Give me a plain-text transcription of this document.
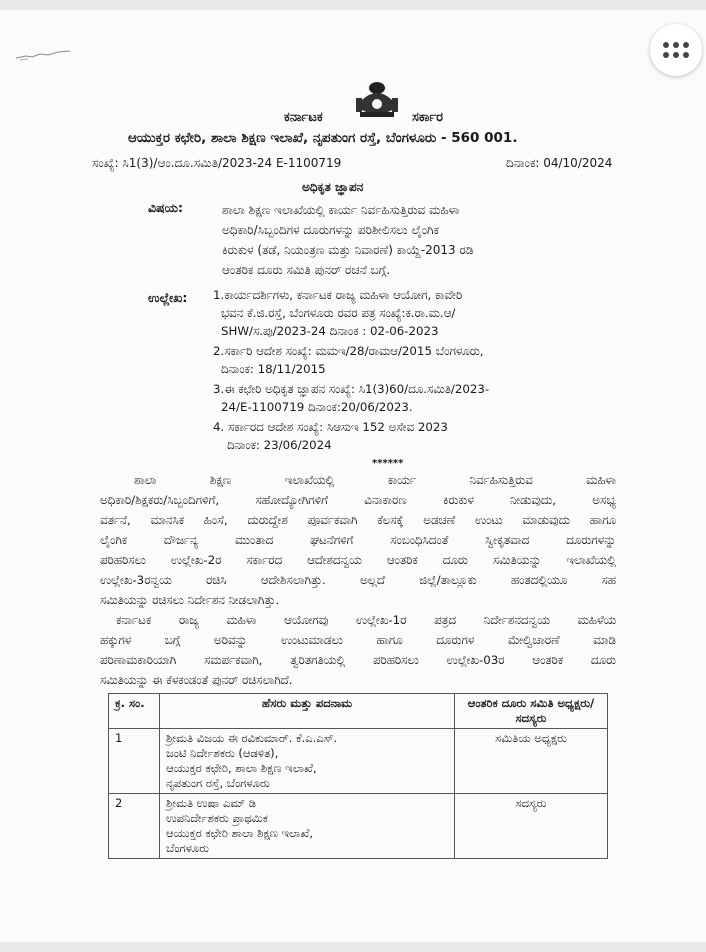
ಕರ್ನಾಟಕ	ಸರ್ಕಾರ
ಆಯುಕ್ತರ ಕಛೇರಿ, ಶಾಲಾ ಶಿಕ್ಷಣ ಇಲಾಖೆ, ನೃಪತುಂಗ ರಸ್ತೆ, ಬೆಂಗಳೂರು - 560 001.
ಸಂಖ್ಯೆ: ಸಿ1(3)/ಆಂ.ದೂ.ಸಮಿತಿ/2023-24 E-1100719	ದಿನಾಂಕ: 04/10/2024
ಅಧಿಕೃತ ಜ್ಞಾಪನ
ವಿಷಯ:	ಶಾಲಾ ಶಿಕ್ಷಣ ಇಲಾಖೆಯಲ್ಲಿ ಕಾರ್ಯ ನಿರ್ವಹಿಸುತ್ತಿರುವ ಮಹಿಳಾ
ಅಧಿಕಾರಿ/ಸಿಬ್ಬಂದಿಗಳ ದೂರುಗಳನ್ನು ಪರಿಶೀಲಿಸಲು ಲೈಂಗಿಕ
ಕಿರುಕುಳ (ತಡೆ, ನಿಯಂತ್ರಣ ಮತ್ತು ನಿವಾರಣೆ) ಕಾಯ್ದೆ-2013 ರಡಿ
ಆಂತರಿಕ ದೂರು ಸಮಿತಿ ಪುನರ್ ರಚನೆ ಬಗ್ಗೆ.
ಉಲ್ಲೇಖ: 1.ಕಾರ್ಯದರ್ಶಿಗಳು, ಕರ್ನಾಟಕ ರಾಜ್ಯ ಮಹಿಳಾ ಆಯೋಗ, ಕಾವೇರಿ
ಭವನ ಕೆ.ಜಿ.ರಸ್ತೆ, ಬೆಂಗಳೂರು ರವರ ಪತ್ರ ಸಂಖ್ಯೆ:ಕ.ರಾ.ಮ.ಆ/
SHW/ಸ.ಪು/2023-24 ದಿನಾಂಕ : 02-06-2023
2.ಸರ್ಕಾರಿ ಆದೇಶ ಸಂಖ್ಯೆ: ಮಮಇ/28/ರಾಮಆ/2015 ಬೆಂಗಳೂರು,
ದಿನಾಂಕ: 18/11/2015
3.ಈ ಕಛೇರಿ ಅಧಿಕೃತ ಜ್ಞಾಪನ ಸಂಖ್ಯೆ: ಸಿ1(3)60/ದೂ.ಸಮಿತಿ/2023-
24/E-1100719 ದಿನಾಂಕ:20/06/2023.
4. ಸರ್ಕಾರದ ಆದೇಶ ಸಂಖ್ಯೆ: ಸಿಆಸುಇ 152 ಅಸೇವ 2023
ದಿನಾಂಕ: 23/06/2024
******
ಶಾಲಾ ಶಿಕ್ಷಣ ಇಲಾಖೆಯಲ್ಲಿ ಕಾರ್ಯ ನಿರ್ವಹಿಸುತ್ತಿರುವ ಮಹಿಳಾ
ಅಧಿಕಾರಿ/ಶಿಕ್ಷಕರು/ಸಿಬ್ಬಂದಿಗಳಿಗೆ, ಸಹೋದ್ಯೋಗಿಗಳಿಗೆ ವಿನಾಕಾರಣ ಕಿರುಕುಳ ನೀಡುವುದು, ಅಸಭ್ಯ
ವರ್ತನೆ, ಮಾನಸಿಕ ಹಿಂಸೆ, ದುರುದ್ದೇಶ ಪೂರ್ವಕವಾಗಿ ಕೆಲಸಕ್ಕೆ ಅಡಚಣೆ ಉಂಟು ಮಾಡುವುದು ಹಾಗೂ
ಲೈಂಗಿಕ ದೌರ್ಜನ್ಯ ಮುಂತಾದ ಘಟನೆಗಳಿಗೆ ಸಂಬಂಧಿಸಿದಂತೆ ಸ್ವೀಕೃತವಾದ ದೂರುಗಳನ್ನು
ಪರಿಹರಿಸಲು ಉಲ್ಲೇಖ-2ರ ಸರ್ಕಾರದ ಆದೇಶದನ್ವಯ ಆಂತರಿಕ ದೂರು ಸಮಿತಿಯನ್ನು ಇಲಾಖೆಯಲ್ಲಿ
ಉಲ್ಲೇಖ-3ರನ್ವಯ ರಚಿಸಿ ಆದೇಶಿಸಲಾಗಿತ್ತು. ಅಲ್ಲದೆ ಜಿಲ್ಲೆ/ತಾಲ್ಲೂಕು ಹಂತದಲ್ಲಿಯೂ ಸಹ
ಸಮಿತಿಯನ್ನು ರಚಿಸಲು ನಿರ್ದೇಶನ ನೀಡಲಾಗಿತ್ತು.
ಕರ್ನಾಟಕ ರಾಜ್ಯ ಮಹಿಳಾ ಆಯೋಗವು ಉಲ್ಲೇಖ-1ರ ಪತ್ರದ ನಿರ್ದೇಶನದನ್ವಯ ಮಹಿಳೆಯ
ಹಕ್ಕುಗಳ ಬಗ್ಗೆ ಅರಿವನ್ನು ಉಂಟುಮಾಡಲು ಹಾಗೂ ದೂರುಗಳ ಮೇಲ್ವಿಚಾರಣೆ ಮಾಡಿ
ಪರಿಣಾಮಕಾರಿಯಾಗಿ ಸಮರ್ಪಕವಾಗಿ, ತ್ವರಿತಗತಿಯಲ್ಲಿ ಪರಿಹರಿಸಲು ಉಲ್ಲೇಖ-03ರ ಆಂತರಿಕ ದೂರು
ಸಮಿತಿಯನ್ನು ಈ ಕೆಳಕಂಡಂತೆ ಪುನರ್ ರಚಿಸಲಾಗಿದೆ.
ಕ್ರ. ಸಂ.	ಹೆಸರು ಮತ್ತು ಪದನಾಮ	ಆಂತರಿಕ ದೂರು ಸಮಿತಿ ಅಧ್ಯಕ್ಷರು/ಸದಸ್ಯರು
1	ಶ್ರೀಮತಿ ವಿಜಯ ಈ ರವಿಕುಮಾರ್. ಕೆ.ಎ.ಎಸ್.
ಜಂಟಿ ನಿರ್ದೇಶಕರು (ಆಡಳಿತ),
ಆಯುಕ್ತರ ಕಛೇರಿ, ಶಾಲಾ ಶಿಕ್ಷಣ ಇಲಾಖೆ,
ನೃಪತುಂಗ ರಸ್ತೆ, ಬೆಂಗಳೂರು	ಸಮಿತಿಯ ಅಧ್ಯಕ್ಷರು
2	ಶ್ರೀಮತಿ ಉಷಾ ಎಮ್ ಡಿ
ಉಪನಿರ್ದೇಶಕರು ಪ್ರಾಥಮಿಕ
ಆಯುಕ್ತರ ಕಛೇರಿ ಶಾಲಾ ಶಿಕ್ಷಣ ಇಲಾಖೆ,
ಬೆಂಗಳೂರು	ಸದಸ್ಯರು
